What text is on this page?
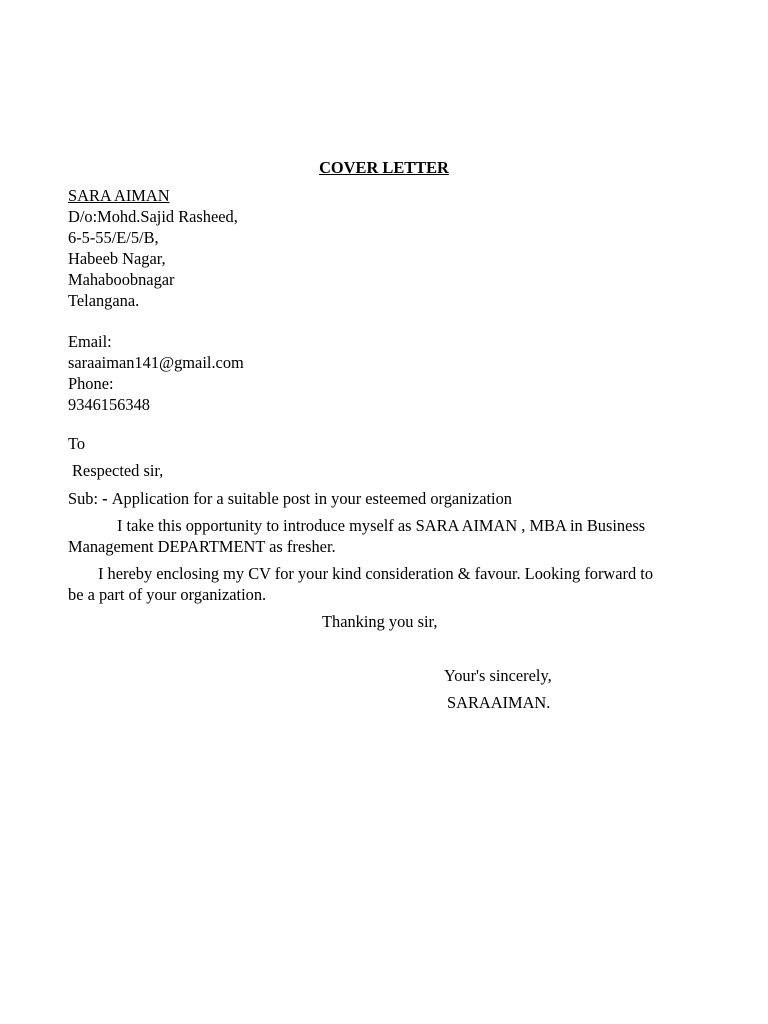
COVER LETTER
SARA AIMAN
D/o:Mohd.Sajid Rasheed,
6-5-55/E/5/B,
Habeeb Nagar,
Mahaboobnagar
Telangana.
Email:
saraaiman141@gmail.com
Phone:
9346156348
To
Respected sir,
Sub: - Application for a suitable post in your esteemed organization
I take this opportunity to introduce myself as SARA AIMAN , MBA in Business
Management DEPARTMENT as fresher.
I hereby enclosing my CV for your kind consideration & favour. Looking forward to
be a part of your organization.
Thanking you sir,
Your's sincerely,
SARAAIMAN.
